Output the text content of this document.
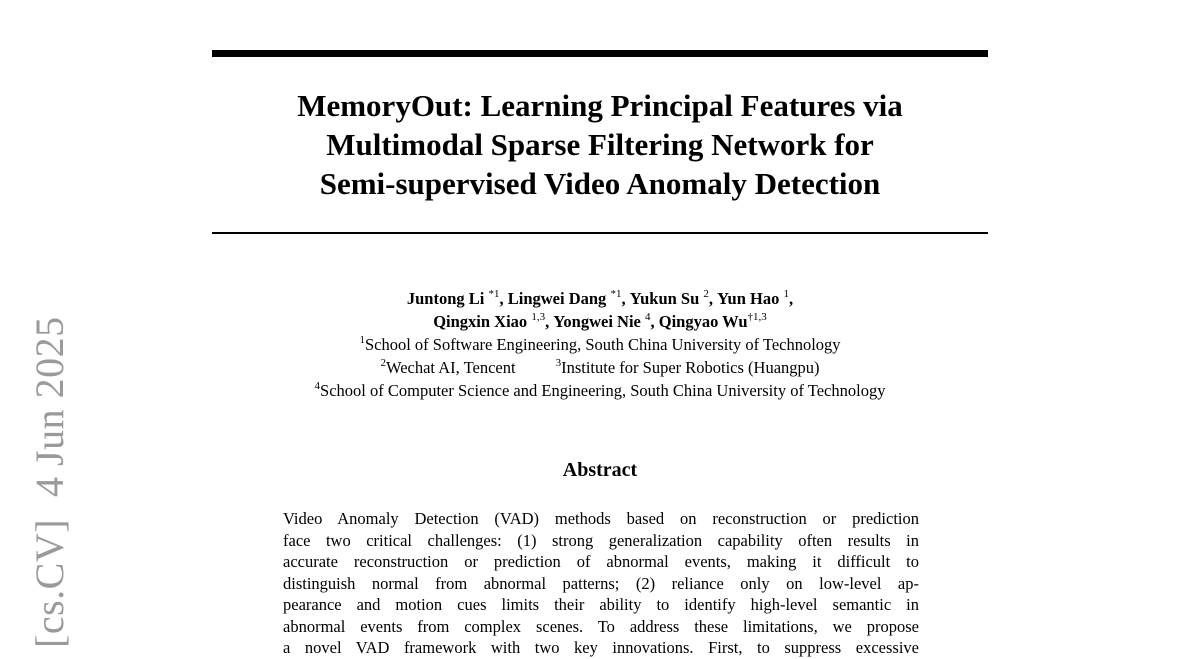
MemoryOut: Learning Principal Features via
Multimodal Sparse Filtering Network for
Semi-supervised Video Anomaly Detection
Juntong Li $^{*1}$, Lingwei Dang $^{*1}$, Yukun Su $^2$, Yun Hao $^1$,
Qingxin Xiao $^{1,3}$, Yongwei Nie $^4$, Qingyao Wu$^{\dagger 1,3}$
$^1$School of Software Engineering, South China University of Technology
$^2$Wechat AI, Tencent	$^3$Institute for Super Robotics (Huangpu)
$^4$School of Computer Science and Engineering, South China University of Technology
Abstract
Video Anomaly Detection (VAD) methods based on reconstruction or prediction
face two critical challenges: (1) strong generalization capability often results in
accurate reconstruction or prediction of abnormal events, making it difficult to
distinguish normal from abnormal patterns; (2) reliance only on low-level ap-
pearance and motion cues limits their ability to identify high-level semantic in
abnormal events from complex scenes. To address these limitations, we propose
a novel VAD framework with two key innovations. First, to suppress excessive
[cs.CV]4 Jun 2025
